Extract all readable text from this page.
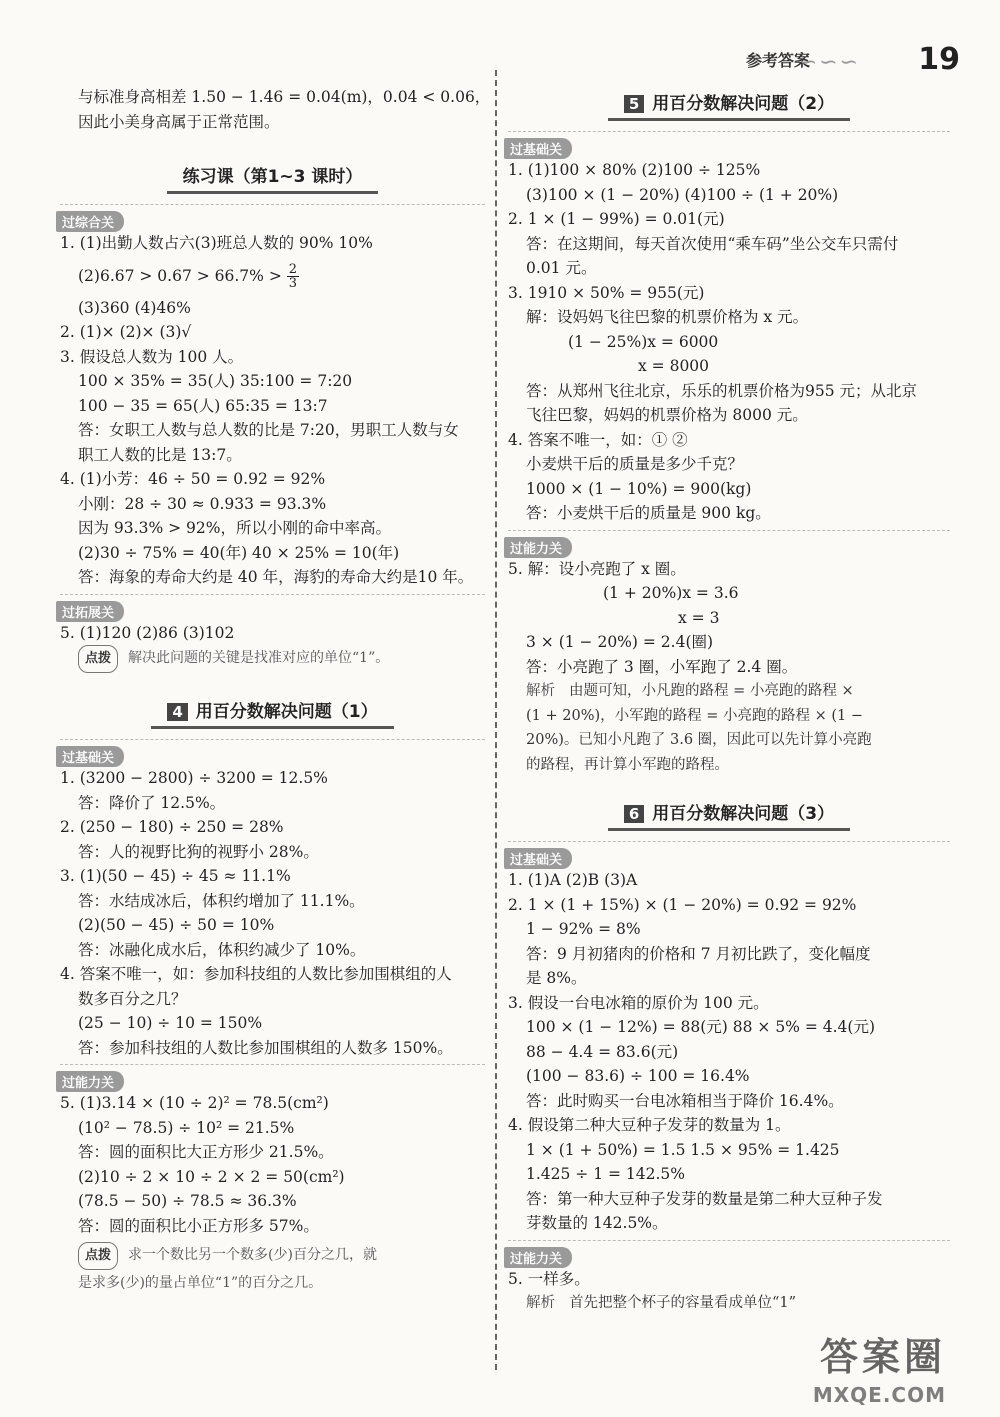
参考答案
∽∽∽ 19
与标准身高相差 1.50 − 1.46 = 0.04(m)，0.04 < 0.06，
因此小美身高属于正常范围。
练习课（第1~3 课时）
过综合关
1. (1)出勤人数占六(3)班总人数的 90% 10%
$(2)6.67 > 0.67 > 66.7\% > \frac{2}{3}$
(3)360 (4)46%
2. (1)× (2)× (3)√
3. 假设总人数为 100 人。
100 × 35% = 35(人) 35:100 = 7:20
100 − 35 = 65(人) 65:35 = 13:7
答：女职工人数与总人数的比是 7:20，男职工人数与女
职工人数的比是 13:7。
4. (1)小芳：46 ÷ 50 = 0.92 = 92%
小刚：28 ÷ 30 ≈ 0.933 = 93.3%
因为 93.3% > 92%，所以小刚的命中率高。
(2)30 ÷ 75% = 40(年) 40 × 25% = 10(年)
答：海象的寿命大约是 40 年，海豹的寿命大约是10 年。
过拓展关
5. (1)120 (2)86 (3)102
点拨 解决此问题的关键是找准对应的单位“1”。
4 用百分数解决问题（1）
过基础关
1. (3200 − 2800) ÷ 3200 = 12.5%
答：降价了 12.5%。
2. (250 − 180) ÷ 250 = 28%
答：人的视野比狗的视野小 28%。
3. (1)(50 − 45) ÷ 45 ≈ 11.1%
答：水结成冰后，体积约增加了 11.1%。
(2)(50 − 45) ÷ 50 = 10%
答：冰融化成水后，体积约减少了 10%。
4. 答案不唯一，如：参加科技组的人数比参加围棋组的人
数多百分之几？
(25 − 10) ÷ 10 = 150%
答：参加科技组的人数比参加围棋组的人数多 150%。
过能力关
5. (1)3.14 × (10 ÷ 2)² = 78.5(cm²)
(10² − 78.5) ÷ 10² = 21.5%
答：圆的面积比大正方形少 21.5%。
(2)10 ÷ 2 × 10 ÷ 2 × 2 = 50(cm²)
(78.5 − 50) ÷ 78.5 ≈ 36.3%
答：圆的面积比小正方形多 57%。
点拨 求一个数比另一个数多(少)百分之几，就
是求多(少)的量占单位“1”的百分之几。
5 用百分数解决问题（2）
过基础关
1. (1)100 × 80% (2)100 ÷ 125%
(3)100 × (1 − 20%) (4)100 ÷ (1 + 20%)
2. 1 × (1 − 99%) = 0.01(元)
答：在这期间，每天首次使用“乘车码”坐公交车只需付
0.01 元。
3. 1910 × 50% = 955(元)
解：设妈妈飞往巴黎的机票价格为 x 元。
(1 − 25%)x = 6000
x = 8000
答：从郑州飞往北京，乐乐的机票价格为955 元；从北京
飞往巴黎，妈妈的机票价格为 8000 元。
4. 答案不唯一，如：① ②
小麦烘干后的质量是多少千克？
1000 × (1 − 10%) = 900(kg)
答：小麦烘干后的质量是 900 kg。
过能力关
5. 解：设小亮跑了 x 圈。
(1 + 20%)x = 3.6
x = 3
3 × (1 − 20%) = 2.4(圈)
答：小亮跑了 3 圈，小军跑了 2.4 圈。
解析 由题可知，小凡跑的路程 = 小亮跑的路程 ×
(1 + 20%)，小军跑的路程 = 小亮跑的路程 × (1 −
20%)。已知小凡跑了 3.6 圈，因此可以先计算小亮跑
的路程，再计算小军跑的路程。
6 用百分数解决问题（3）
过基础关
1. (1)A (2)B (3)A
2. 1 × (1 + 15%) × (1 − 20%) = 0.92 = 92%
1 − 92% = 8%
答：9 月初猪肉的价格和 7 月初比跌了，变化幅度
是 8%。
3. 假设一台电冰箱的原价为 100 元。
100 × (1 − 12%) = 88(元) 88 × 5% = 4.4(元)
88 − 4.4 = 83.6(元)
(100 − 83.6) ÷ 100 = 16.4%
答：此时购买一台电冰箱相当于降价 16.4%。
4. 假设第二种大豆种子发芽的数量为 1。
1 × (1 + 50%) = 1.5 1.5 × 95% = 1.425
1.425 ÷ 1 = 142.5%
答：第一种大豆种子发芽的数量是第二种大豆种子发
芽数量的 142.5%。
过能力关
5. 一样多。
解析 首先把整个杯子的容量看成单位“1”
答案圈
MXQE.COM
